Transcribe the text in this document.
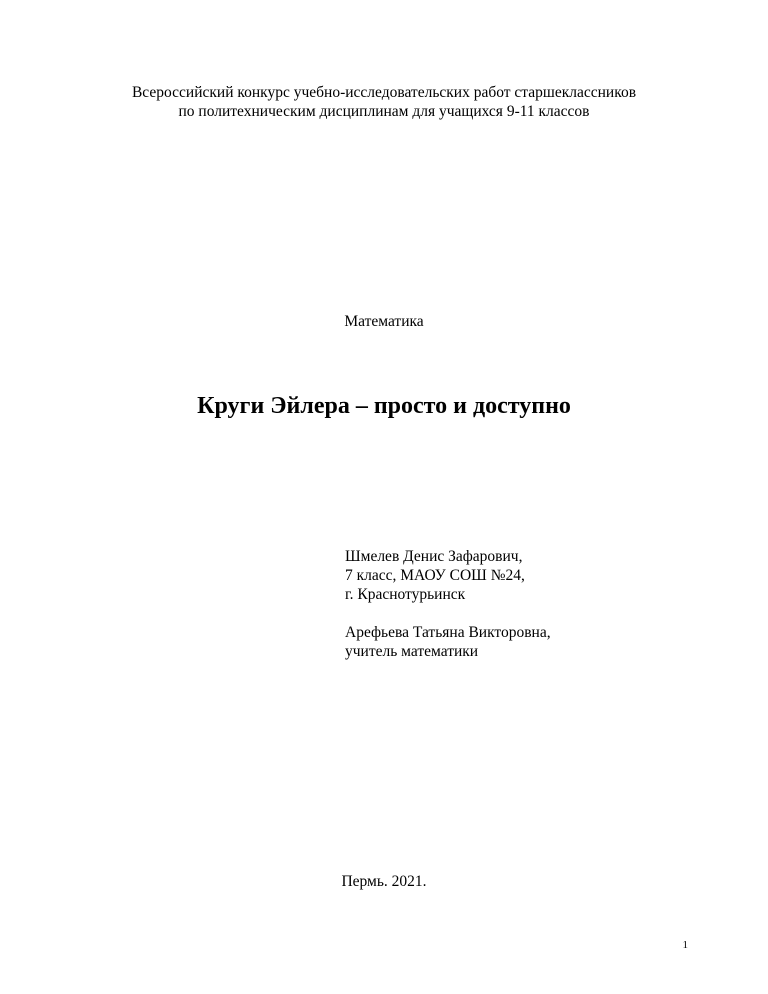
Всероссийский конкурс учебно-исследовательских работ старшеклассников
по политехническим дисциплинам для учащихся 9-11 классов
Математика
Круги Эйлера – просто и доступно
Шмелев Денис Зафарович,
7 класс, МАОУ СОШ №24,
г. Краснотурьинск
Арефьева Татьяна Викторовна,
учитель математики
Пермь. 2021.
1
